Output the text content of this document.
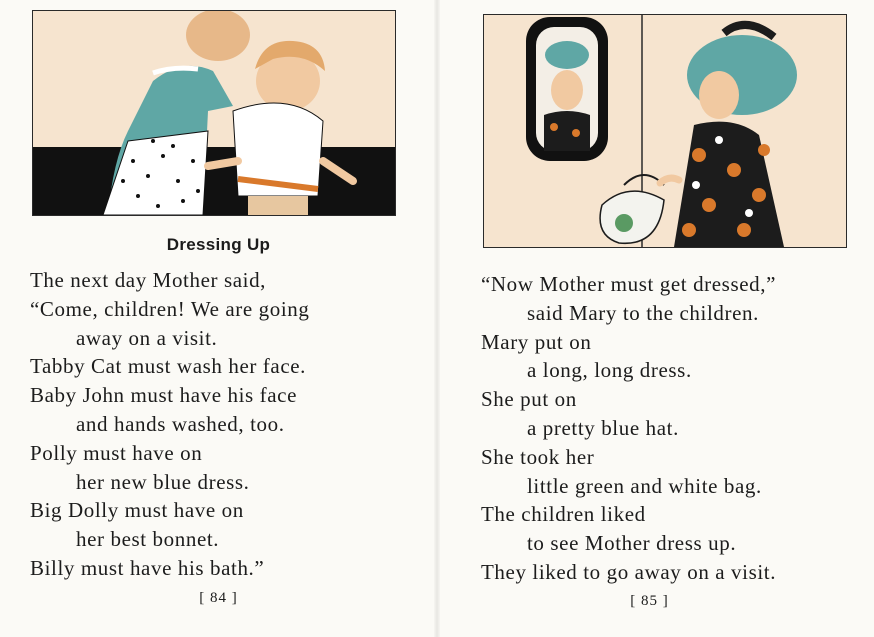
Dressing Up
The next day Mother said,
“Come, children! We are going
away on a visit.
Tabby Cat must wash her face.
Baby John must have his face
and hands washed, too.
Polly must have on
her new blue dress.
Big Dolly must have on
her best bonnet.
Billy must have his bath.”
[ 84 ]
“Now Mother must get dressed,”
said Mary to the children.
Mary put on
a long, long dress.
She put on
a pretty blue hat.
She took her
little green and white bag.
The children liked
to see Mother dress up.
They liked to go away on a visit.
[ 85 ]
